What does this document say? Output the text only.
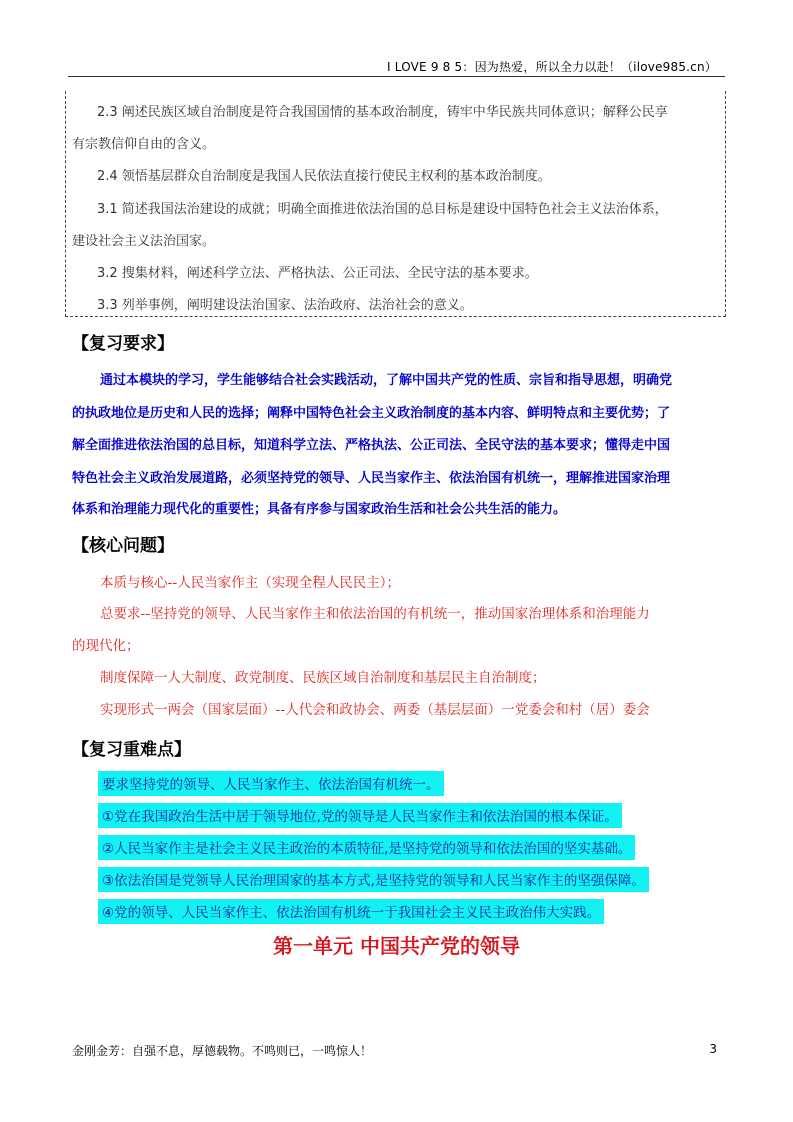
I LOVE 9 8 5：因为热爱，所以全力以赴！（ilove985.cn）
2.3 阐述民族区域自治制度是符合我国国情的基本政治制度，铸牢中华民族共同体意识；解释公民享
有宗教信仰自由的含义。
2.4 领悟基层群众自治制度是我国人民依法直接行使民主权利的基本政治制度。
3.1 简述我国法治建设的成就；明确全面推进依法治国的总目标是建设中国特色社会主义法治体系，
建设社会主义法治国家。
3.2 搜集材料，阐述科学立法、严格执法、公正司法、全民守法的基本要求。
3.3 列举事例，阐明建设法治国家、法治政府、法治社会的意义。
【复习要求】
通过本模块的学习，学生能够结合社会实践活动，了解中国共产党的性质、宗旨和指导思想，明确党
的执政地位是历史和人民的选择；阐释中国特色社会主义政治制度的基本内容、鲜明特点和主要优势；了
解全面推进依法治国的总目标，知道科学立法、严格执法、公正司法、全民守法的基本要求；懂得走中国
特色社会主义政治发展道路，必须坚持党的领导、人民当家作主、依法治国有机统一，理解推进国家治理
体系和治理能力现代化的重要性；具备有序参与国家政治生活和社会公共生活的能力。
【核心问题】
本质与核心--人民当家作主（实现全程人民民主）；
总要求--坚持党的领导、人民当家作主和依法治国的有机统一，推动国家治理体系和治理能力
的现代化；
制度保障一人大制度、政党制度、民族区域自治制度和基层民主自治制度；
实现形式一两会（国家层面）--人代会和政协会、两委（基层层面）一党委会和村（居）委会
【复习重难点】
要求坚持党的领导、人民当家作主、依法治国有机统一。
①党在我国政治生活中居于领导地位,党的领导是人民当家作主和依法治国的根本保证。
②人民当家作主是社会主义民主政治的本质特征,是坚持党的领导和依法治国的坚实基础。
③依法治国是党领导人民治理国家的基本方式,是坚持党的领导和人民当家作主的坚强保障。
④党的领导、人民当家作主、依法治国有机统一于我国社会主义民主政治伟大实践。
第一单元 中国共产党的领导
金刚金芳：自强不息，厚德载物。不鸣则已，一鸣惊人！	3
